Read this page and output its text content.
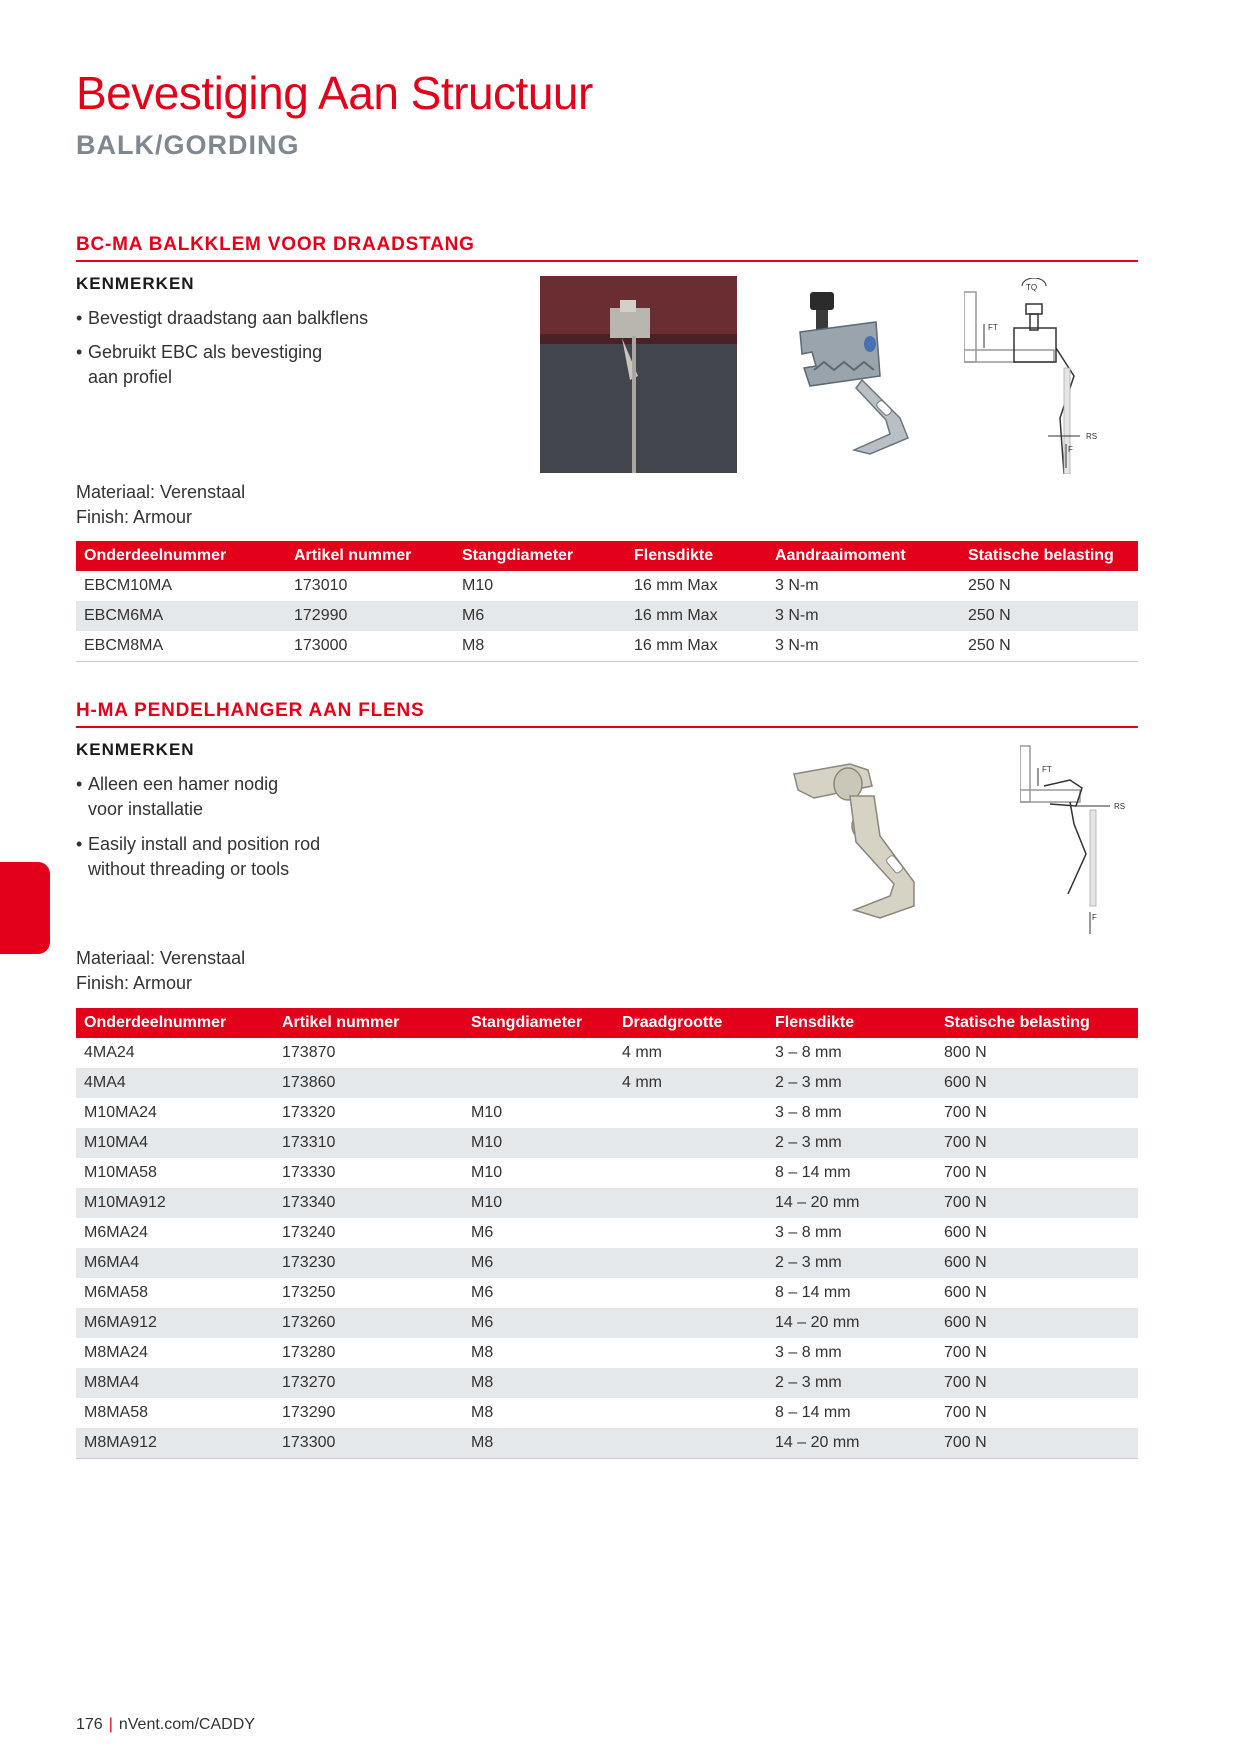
Bevestiging Aan Structuur
BALK/GORDING
BC-MA BALKKLEM VOOR DRAADSTANG
KENMERKEN
• Bevestigt draadstang aan balkflens
• Gebruikt EBC als bevestiging
aan profiel
TQ
FT
RS
F
Materiaal: Verenstaal
Finish: Armour
Onderdeelnummer	Artikel nummer	Stangdiameter	Flensdikte	Aandraaimoment	Statische belasting
EBCM10MA	173010	M10	16 mm Max	3 N-m	250 N
EBCM6MA	172990	M6	16 mm Max	3 N-m	250 N
EBCM8MA	173000	M8	16 mm Max	3 N-m	250 N
H-MA PENDELHANGER AAN FLENS
KENMERKEN
• Alleen een hamer nodig
voor installatie
• Easily install and position rod
without threading or tools
FT
RS
F
Materiaal: Verenstaal
Finish: Armour
Onderdeelnummer	Artikel nummer	Stangdiameter	Draadgrootte	Flensdikte	Statische belasting
4MA24	173870		4 mm	3 – 8 mm	800 N
4MA4	173860		4 mm	2 – 3 mm	600 N
M10MA24	173320	M10		3 – 8 mm	700 N
M10MA4	173310	M10		2 – 3 mm	700 N
M10MA58	173330	M10		8 – 14 mm	700 N
M10MA912	173340	M10		14 – 20 mm	700 N
M6MA24	173240	M6		3 – 8 mm	600 N
M6MA4	173230	M6		2 – 3 mm	600 N
M6MA58	173250	M6		8 – 14 mm	600 N
M6MA912	173260	M6		14 – 20 mm	600 N
M8MA24	173280	M8		3 – 8 mm	700 N
M8MA4	173270	M8		2 – 3 mm	700 N
M8MA58	173290	M8		8 – 14 mm	700 N
M8MA912	173300	M8		14 – 20 mm	700 N
176 | nVent.com/CADDY
